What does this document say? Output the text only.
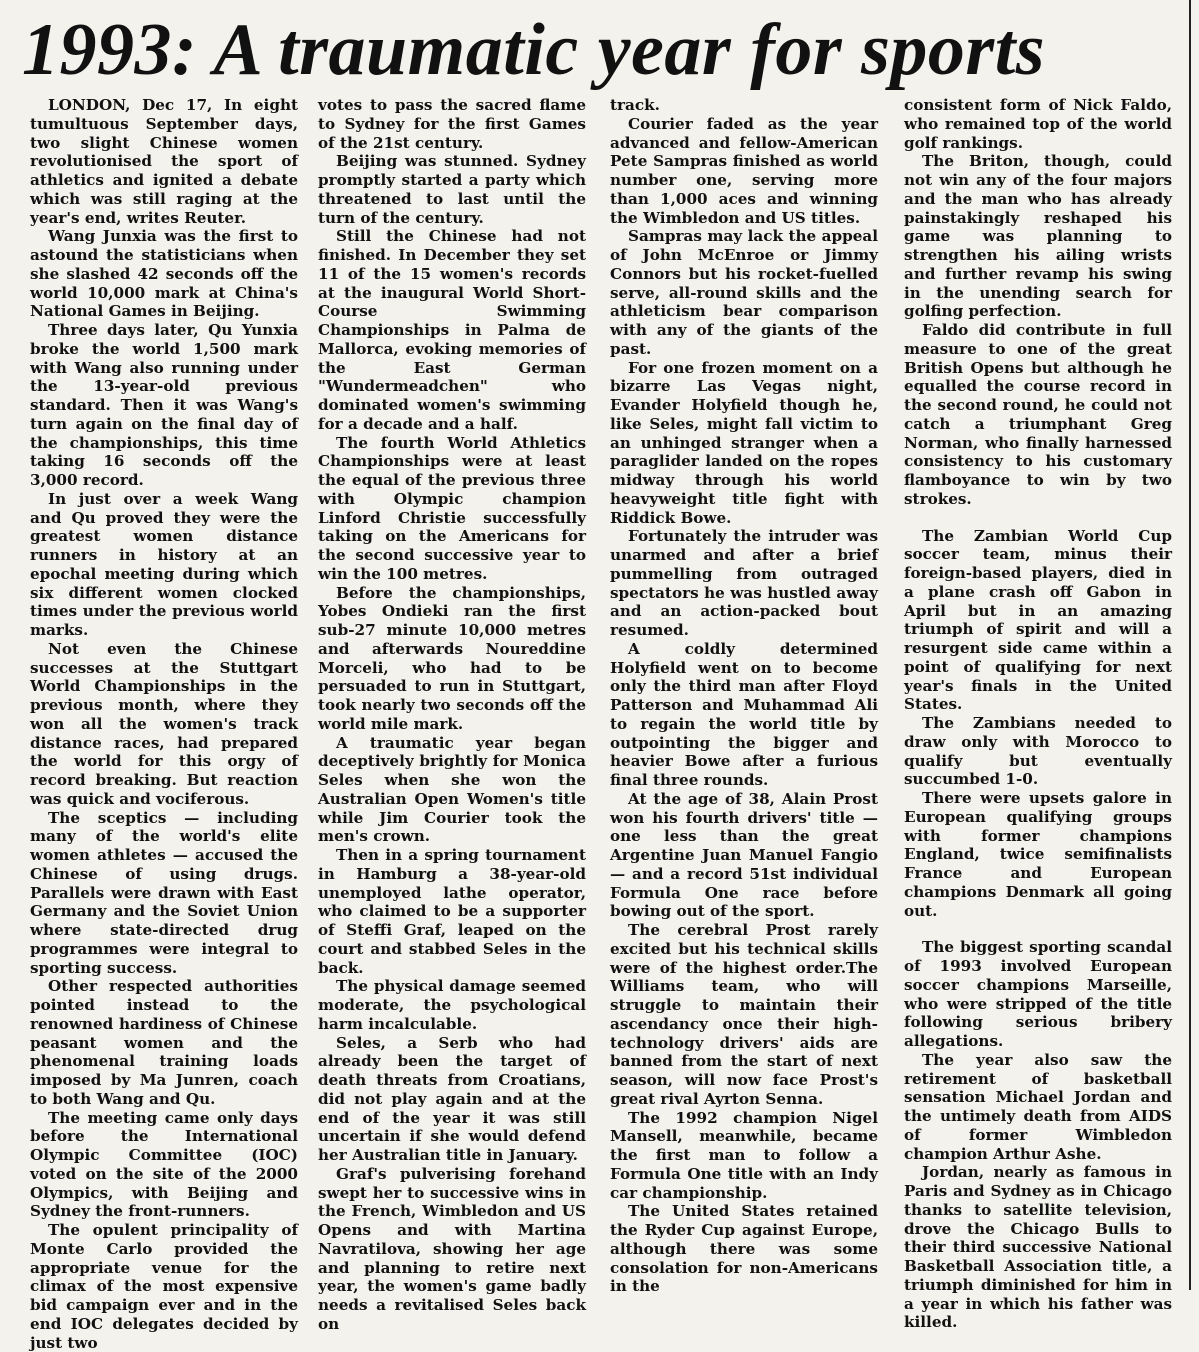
1993: A traumatic year for sports

LONDON, Dec 17, In eight tumultuous September days, two slight Chinese women revolutionised the sport of athletics and ignited a debate which was still raging at the year's end, writes Reuter.

Wang Junxia was the first to astound the statisticians when she slashed 42 seconds off the world 10,000 mark at China's National Games in Beijing.

Three days later, Qu Yunxia broke the world 1,500 mark with Wang also running under the 13-year-old previous standard. Then it was Wang's turn again on the final day of the championships, this time taking 16 seconds off the 3,000 record.

In just over a week Wang and Qu proved they were the greatest women distance runners in history at an epochal meeting during which six different women clocked times under the previous world marks.

Not even the Chinese successes at the Stuttgart World Championships in the previous month, where they won all the women's track distance races, had prepared the world for this orgy of record breaking. But reaction was quick and vociferous.

The sceptics — including many of the world's elite women athletes — accused the Chinese of using drugs. Parallels were drawn with East Germany and the Soviet Union where state-directed drug programmes were integral to sporting success.

Other respected authorities pointed instead to the renowned hardiness of Chinese peasant women and the phenomenal training loads imposed by Ma Junren, coach to both Wang and Qu.

The meeting came only days before the International Olympic Committee (IOC) voted on the site of the 2000 Olympics, with Beijing and Sydney the front-runners.

The opulent principality of Monte Carlo provided the appropriate venue for the climax of the most expensive bid campaign ever and in the end IOC delegates decided by just two

votes to pass the sacred flame to Sydney for the first Games of the 21st century.

Beijing was stunned. Sydney promptly started a party which threatened to last until the turn of the century.

Still the Chinese had not finished. In December they set 11 of the 15 women's records at the inaugural World Short-Course Swimming Championships in Palma de Mallorca, evoking memories of the East German "Wundermeadchen" who dominated women's swimming for a decade and a half.

The fourth World Athletics Championships were at least the equal of the previous three with Olympic champion Linford Christie successfully taking on the Americans for the second successive year to win the 100 metres.

Before the championships, Yobes Ondieki ran the first sub-27 minute 10,000 metres and afterwards Noureddine Morceli, who had to be persuaded to run in Stuttgart, took nearly two seconds off the world mile mark.

A traumatic year began deceptively brightly for Monica Seles when she won the Australian Open Women's title while Jim Courier took the men's crown.

Then in a spring tournament in Hamburg a 38-year-old unemployed lathe operator, who claimed to be a supporter of Steffi Graf, leaped on the court and stabbed Seles in the back.

The physical damage seemed moderate, the psychological harm incalculable.

Seles, a Serb who had already been the target of death threats from Croatians, did not play again and at the end of the year it was still uncertain if she would defend her Australian title in January.

Graf's pulverising forehand swept her to successive wins in the French, Wimbledon and US Opens and with Martina Navratilova, showing her age and planning to retire next year, the women's game badly needs a revitalised Seles back on

track.

Courier faded as the year advanced and fellow-American Pete Sampras finished as world number one, serving more than 1,000 aces and winning the Wimbledon and US titles.

Sampras may lack the appeal of John McEnroe or Jimmy Connors but his rocket-fuelled serve, all-round skills and the athleticism bear comparison with any of the giants of the past.

For one frozen moment on a bizarre Las Vegas night, Evander Holyfield though he, like Seles, might fall victim to an unhinged stranger when a paraglider landed on the ropes midway through his world heavyweight title fight with Riddick Bowe.

Fortunately the intruder was unarmed and after a brief pummelling from outraged spectators he was hustled away and an action-packed bout resumed.

A coldly determined Holyfield went on to become only the third man after Floyd Patterson and Muhammad Ali to regain the world title by outpointing the bigger and heavier Bowe after a furious final three rounds.

At the age of 38, Alain Prost won his fourth drivers' title — one less than the great Argentine Juan Manuel Fangio — and a record 51st individual Formula One race before bowing out of the sport.

The cerebral Prost rarely excited but his technical skills were of the highest order.The Williams team, who will struggle to maintain their ascendancy once their high-technology drivers' aids are banned from the start of next season, will now face Prost's great rival Ayrton Senna.

The 1992 champion Nigel Mansell, meanwhile, became the first man to follow a Formula One title with an Indy car championship.

The United States retained the Ryder Cup against Europe, although there was some consolation for non-Americans in the

consistent form of Nick Faldo, who remained top of the world golf rankings.

The Briton, though, could not win any of the four majors and the man who has already painstakingly reshaped his game was planning to strengthen his ailing wrists and further revamp his swing in the unending search for golfing perfection.

Faldo did contribute in full measure to one of the great British Opens but although he equalled the course record in the second round, he could not catch a triumphant Greg Norman, who finally harnessed consistency to his customary flamboyance to win by two strokes.

The Zambian World Cup soccer team, minus their foreign-based players, died in a plane crash off Gabon in April but in an amazing triumph of spirit and will a resurgent side came within a point of qualifying for next year's finals in the United States.

The Zambians needed to draw only with Morocco to qualify but eventually succumbed 1-0.

There were upsets galore in European qualifying groups with former champions England, twice semifinalists France and European champions Denmark all going out.

The biggest sporting scandal of 1993 involved European soccer champions Marseille, who were stripped of the title following serious bribery allegations.

The year also saw the retirement of basketball sensation Michael Jordan and the untimely death from AIDS of former Wimbledon champion Arthur Ashe.

Jordan, nearly as famous in Paris and Sydney as in Chicago thanks to satellite television, drove the Chicago Bulls to their third successive National Basketball Association title, a triumph diminished for him in a year in which his father was killed.
